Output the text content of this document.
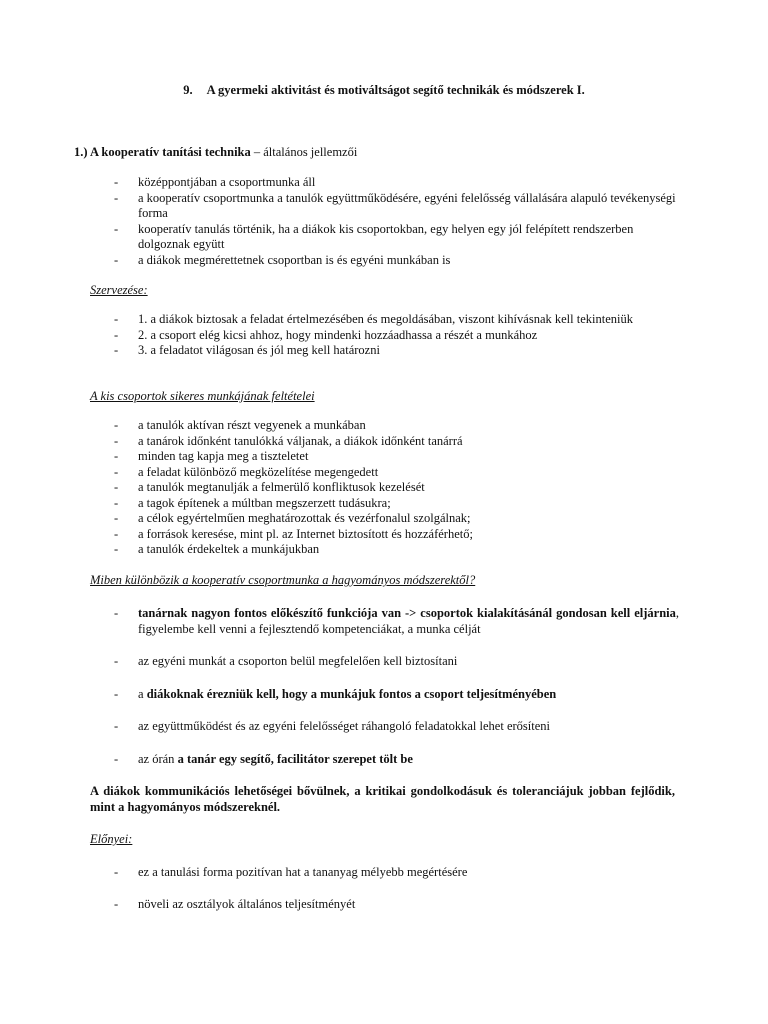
9. A gyermeki aktivitást és motiváltságot segítő technikák és módszerek I.
1.) A kooperatív tanítási technika – általános jellemzői
- középpontjában a csoportmunka áll
- a kooperatív csoportmunka a tanulók együttműködésére, egyéni felelősség vállalására alapuló tevékenységi forma
- kooperatív tanulás történik, ha a diákok kis csoportokban, egy helyen egy jól felépített rendszerben dolgoznak együtt
- a diákok megmérettetnek csoportban is és egyéni munkában is
Szervezése:
- 1. a diákok biztosak a feladat értelmezésében és megoldásában, viszont kihívásnak kell tekinteniük
- 2. a csoport elég kicsi ahhoz, hogy mindenki hozzáadhassa a részét a munkához
- 3. a feladatot világosan és jól meg kell határozni
A kis csoportok sikeres munkájának feltételei
- a tanulók aktívan részt vegyenek a munkában
- a tanárok időnként tanulókká váljanak, a diákok időnként tanárrá
- minden tag kapja meg a tiszteletet
- a feladat különböző megközelítése megengedett
- a tanulók megtanulják a felmerülő konfliktusok kezelését
- a tagok építenek a múltban megszerzett tudásukra;
- a célok egyértelműen meghatározottak és vezérfonalul szolgálnak;
- a források keresése, mint pl. az Internet biztosított és hozzáférhető;
- a tanulók érdekeltek a munkájukban
Miben különbözik a kooperatív csoportmunka a hagyományos módszerektől?
- tanárnak nagyon fontos előkészítő funkciója van -> csoportok kialakításánál gondosan kell eljárnia, figyelembe kell venni a fejlesztendő kompetenciákat, a munka célját
- az egyéni munkát a csoporton belül megfelelően kell biztosítani
- a diákoknak érezniük kell, hogy a munkájuk fontos a csoport teljesítményében
- az együttműködést és az egyéni felelősséget ráhangoló feladatokkal lehet erősíteni
- az órán a tanár egy segítő, facilitátor szerepet tölt be
A diákok kommunikációs lehetőségei bővülnek, a kritikai gondolkodásuk és toleranciájuk jobban fejlődik, mint a hagyományos módszereknél.
Előnyei:
- ez a tanulási forma pozitívan hat a tananyag mélyebb megértésére
- növeli az osztályok általános teljesítményét
